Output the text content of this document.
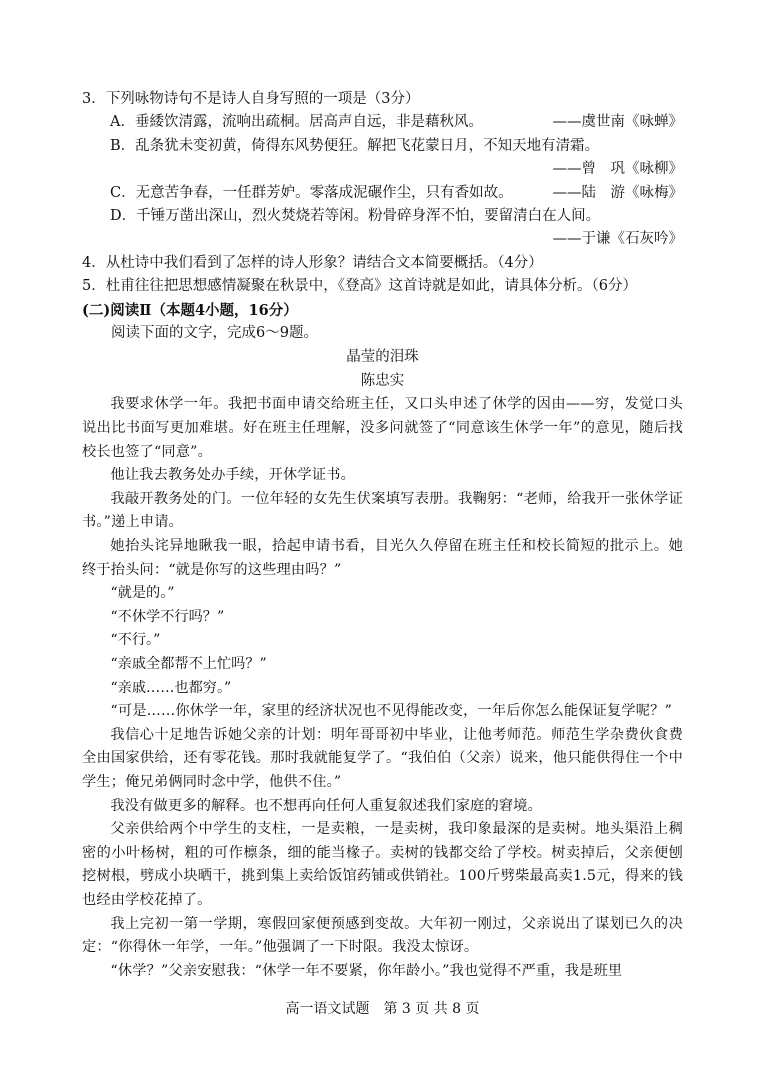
3．下列咏物诗句不是诗人自身写照的一项是（3分）
A．垂緌饮清露，流响出疏桐。居高声自远，非是藉秋风。	——虞世南《咏蝉》
B．乱条犹未变初黄，倚得东风势便狂。解把飞花蒙日月，不知天地有清霜。
——曾　巩《咏柳》
C．无意苦争春，一任群芳妒。零落成泥碾作尘，只有香如故。	——陆　游《咏梅》
D．千锤万凿出深山，烈火焚烧若等闲。粉骨碎身浑不怕，要留清白在人间。
——于谦《石灰吟》
4．从杜诗中我们看到了怎样的诗人形象？请结合文本简要概括。（4分）
5．杜甫往往把思想感情凝聚在秋景中，《登高》这首诗就是如此，请具体分析。（6分）
(二)阅读Ⅱ（本题4小题，16分）
阅读下面的文字，完成6～9题。
晶莹的泪珠
陈忠实
我要求休学一年。我把书面申请交给班主任，又口头申述了休学的因由——穷，发觉口头说出比书面写更加难堪。好在班主任理解，没多问就签了“同意该生休学一年”的意见，随后找校长也签了“同意”。
他让我去教务处办手续，开休学证书。
我敲开教务处的门。一位年轻的女先生伏案填写表册。我鞠躬：“老师，给我开一张休学证书。”递上申请。
她抬头诧异地瞅我一眼，拾起申请书看，目光久久停留在班主任和校长简短的批示上。她终于抬头问：“就是你写的这些理由吗？”
“就是的。”
“不休学不行吗？”
“不行。”
“亲戚全都帮不上忙吗？”
“亲戚……也都穷。”
“可是……你休学一年，家里的经济状况也不见得能改变，一年后你怎么能保证复学呢？”
我信心十足地告诉她父亲的计划：明年哥哥初中毕业，让他考师范。师范生学杂费伙食费全由国家供给，还有零花钱。那时我就能复学了。“我伯伯（父亲）说来，他只能供得住一个中学生；俺兄弟俩同时念中学，他供不住。”
我没有做更多的解释。也不想再向任何人重复叙述我们家庭的窘境。
父亲供给两个中学生的支柱，一是卖粮，一是卖树，我印象最深的是卖树。地头渠沿上稠密的小叶杨树，粗的可作檩条，细的能当椽子。卖树的钱都交给了学校。树卖掉后，父亲便刨挖树根，劈成小块晒干，挑到集上卖给饭馆药铺或供销社。100斤劈柴最高卖1.5元，得来的钱也经由学校花掉了。
我上完初一第一学期，寒假回家便预感到变故。大年初一刚过，父亲说出了谋划已久的决定：“你得休一年学，一年。”他强调了一下时限。我没太惊讶。
“休学？”父亲安慰我：“休学一年不要紧，你年龄小。”我也觉得不严重，我是班里
高一语文试题　第 3 页 共 8 页
